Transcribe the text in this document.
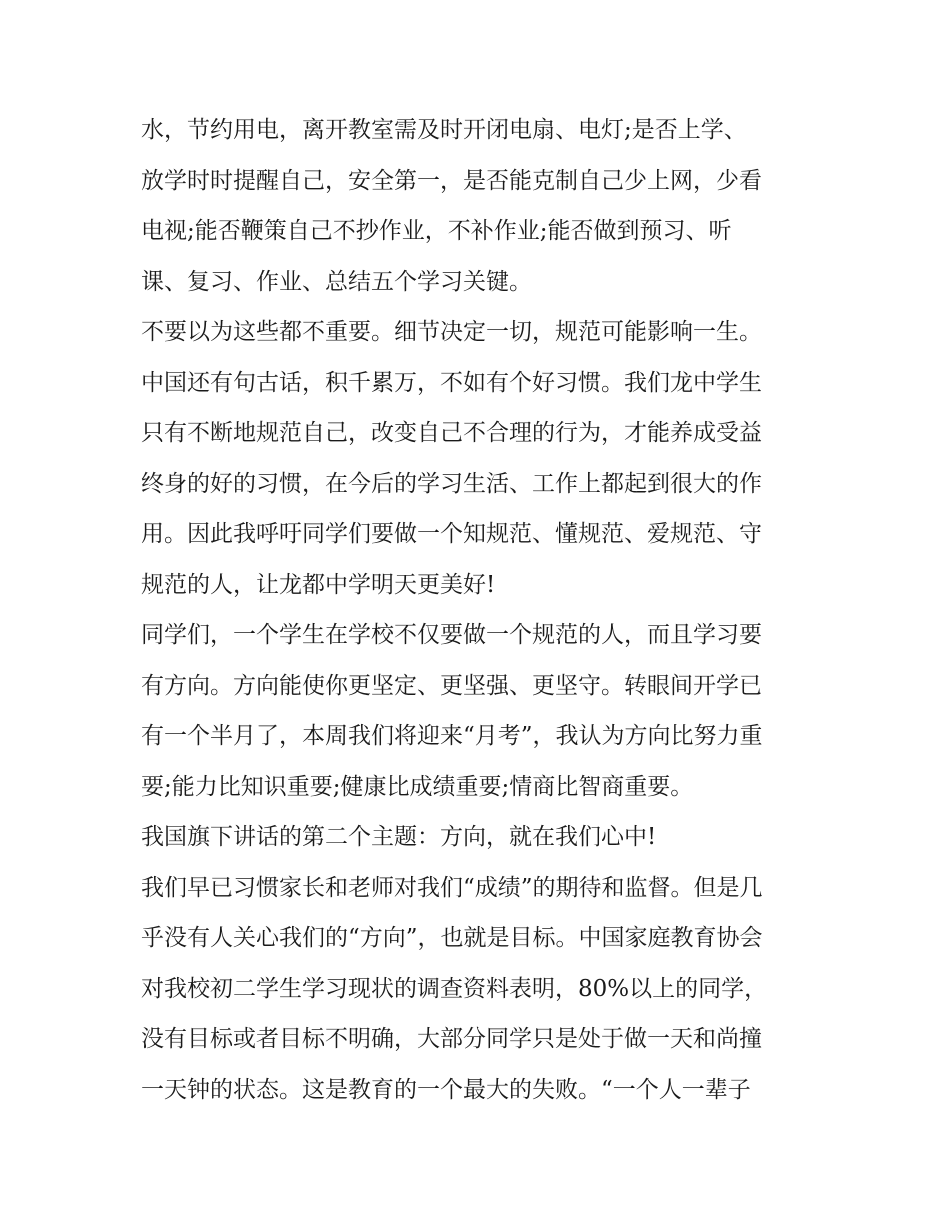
水，节约用电，离开教室需及时开闭电扇、电灯;是否上学、
放学时时提醒自己，安全第一，是否能克制自己少上网，少看
电视;能否鞭策自己不抄作业，不补作业;能否做到预习、听
课、复习、作业、总结五个学习关键。
不要以为这些都不重要。细节决定一切，规范可能影响一生。
中国还有句古话，积千累万，不如有个好习惯。我们龙中学生
只有不断地规范自己，改变自己不合理的行为，才能养成受益
终身的好的习惯，在今后的学习生活、工作上都起到很大的作
用。因此我呼吁同学们要做一个知规范、懂规范、爱规范、守
规范的人，让龙都中学明天更美好!
同学们，一个学生在学校不仅要做一个规范的人，而且学习要
有方向。方向能使你更坚定、更坚强、更坚守。转眼间开学已
有一个半月了，本周我们将迎来“月考”，我认为方向比努力重
要;能力比知识重要;健康比成绩重要;情商比智商重要。
我国旗下讲话的第二个主题：方向，就在我们心中!
我们早已习惯家长和老师对我们“成绩”的期待和监督。但是几
乎没有人关心我们的“方向”，也就是目标。中国家庭教育协会
对我校初二学生学习现状的调查资料表明，80%以上的同学，
没有目标或者目标不明确，大部分同学只是处于做一天和尚撞
一天钟的状态。这是教育的一个最大的失败。“一个人一辈子
